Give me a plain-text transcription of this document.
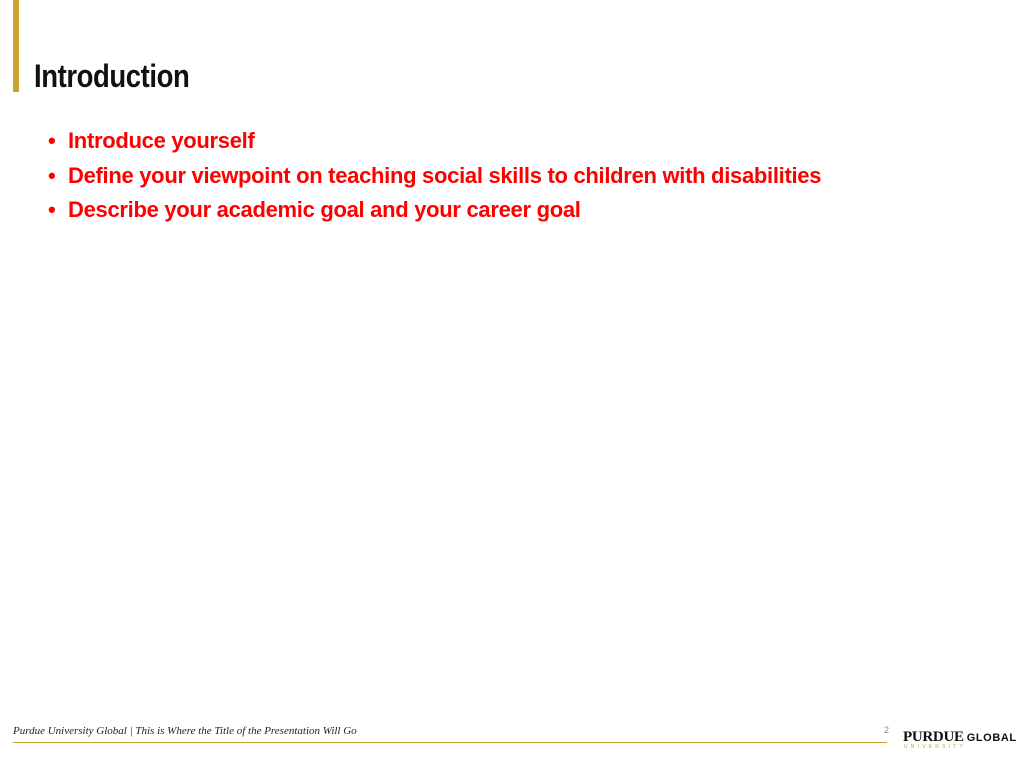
Introduction
• Introduce yourself
• Define your viewpoint on teaching social skills to children with disabilities
• Describe your academic goal and your career goal
Purdue University Global | This is Where the Title of the Presentation Will Go	2 PURDUE GLOBAL
UNIVERSITY
